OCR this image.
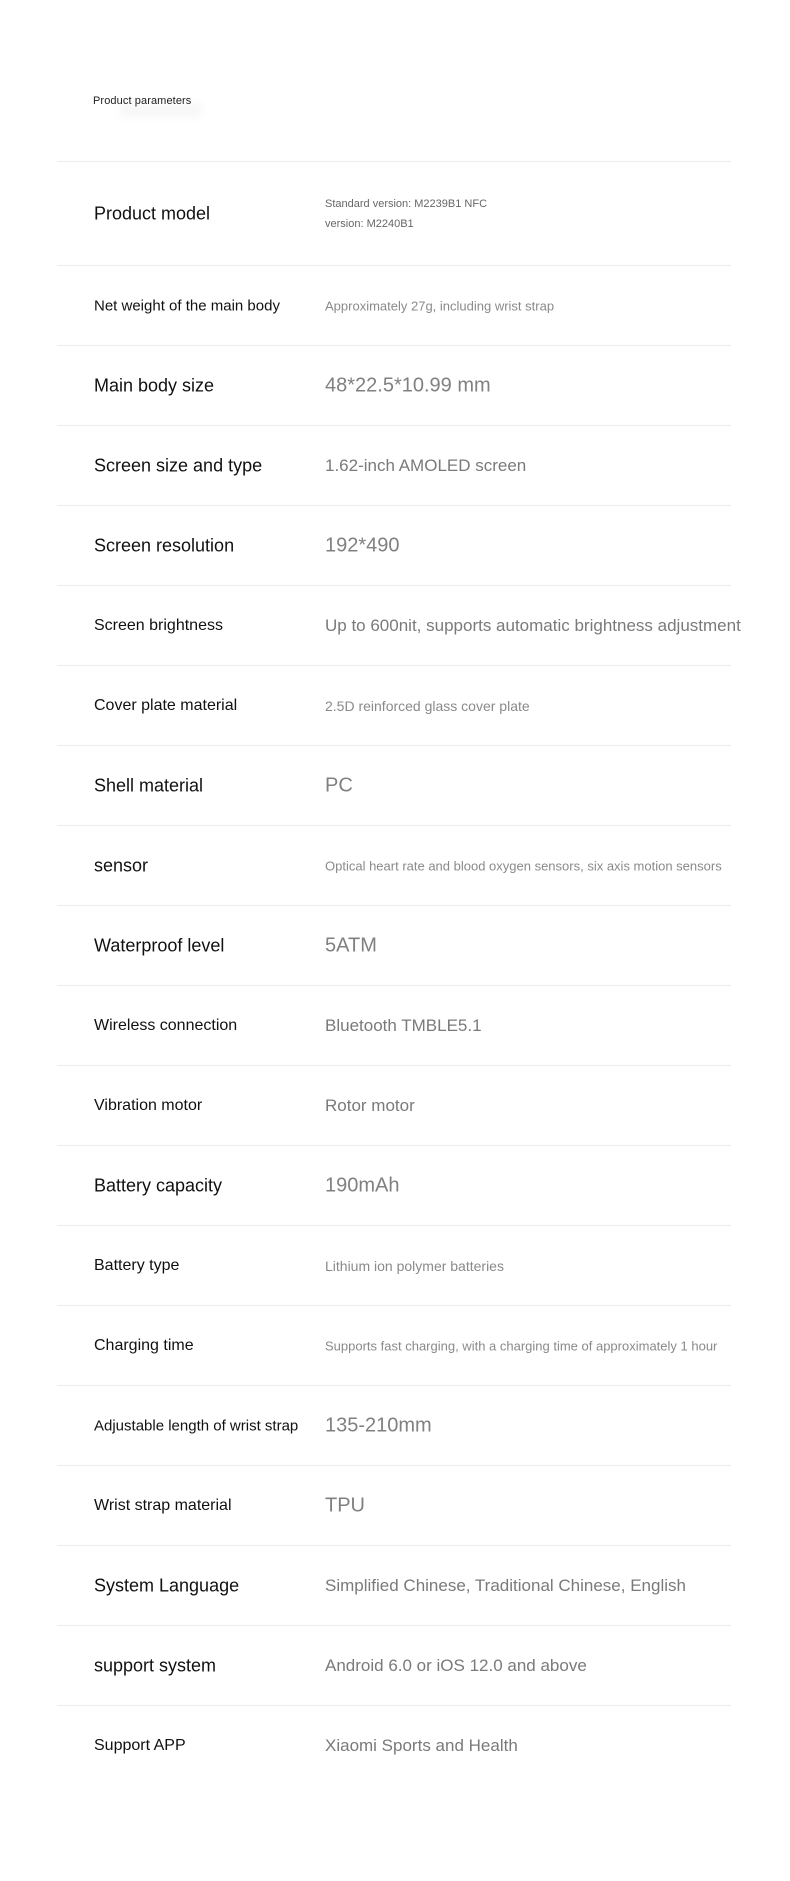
Product parameters
Product model	Standard version: M2239B1 NFC
version: M2240B1
Net weight of the main body	Approximately 27g, including wrist strap
Main body size	48*22.5*10.99 mm
Screen size and type	1.62-inch AMOLED screen
Screen resolution	192*490
Screen brightness	Up to 600nit, supports automatic brightness adjustment
Cover plate material	2.5D reinforced glass cover plate
Shell material	PC
sensor	Optical heart rate and blood oxygen sensors, six axis motion sensors
Waterproof level	5ATM
Wireless connection	Bluetooth TMBLE5.1
Vibration motor	Rotor motor
Battery capacity	190mAh
Battery type	Lithium ion polymer batteries
Charging time	Supports fast charging, with a charging time of approximately 1 hour
Adjustable length of wrist strap 135-210mm
Wrist strap material	TPU
System Language	Simplified Chinese, Traditional Chinese, English
support system	Android 6.0 or iOS 12.0 and above
Support APP	Xiaomi Sports and Health
